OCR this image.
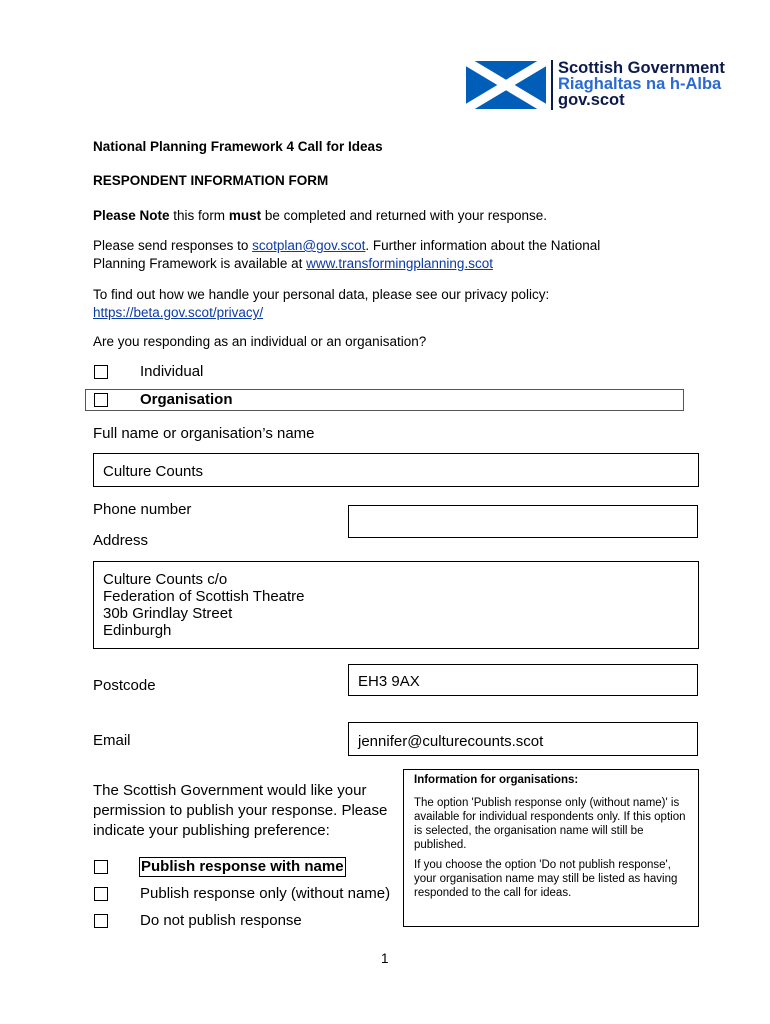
Scottish Government
Riaghaltas na h-Alba
gov.scot
National Planning Framework 4 Call for Ideas
RESPONDENT INFORMATION FORM
Please Note this form must be completed and returned with your response.
Please send responses to scotplan@gov.scot. Further information about the National
Planning Framework is available at www.transformingplanning.scot
To find out how we handle your personal data, please see our privacy policy:
https://beta.gov.scot/privacy/
Are you responding as an individual or an organisation?
Individual
Organisation
Full name or organisation’s name
Culture Counts
Phone number
Address
Culture Counts c/o
Federation of Scottish Theatre
30b Grindlay Street
Edinburgh
Postcode	EH3 9AX
Email	jennifer@culturecounts.scot
The Scottish Government would like your
permission to publish your response. Please
indicate your publishing preference:

Information for organisations:

The option 'Publish response only (without name)' is available for individual respondents only. If this option is selected, the organisation name will still be published.

If you choose the option 'Do not publish response', your organisation name may still be listed as having responded to the call for ideas.

Publish response with name
Publish response only (without name)
Do not publish response
1
